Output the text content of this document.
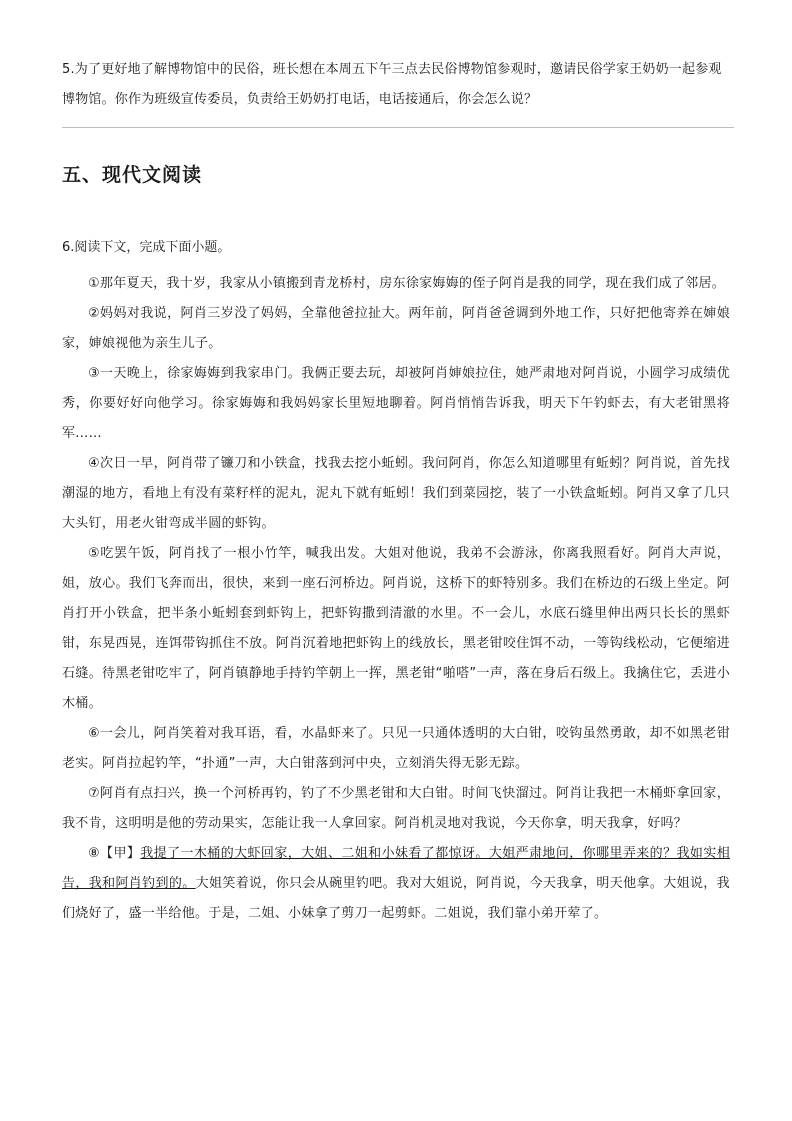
5.为了更好地了解博物馆中的民俗，班长想在本周五下午三点去民俗博物馆参观时，邀请民俗学家王奶奶一起参观博物馆。你作为班级宣传委员，负责给王奶奶打电话，电话接通后，你会怎么说？

五、现代文阅读

6.阅读下文，完成下面小题。

①那年夏天，我十岁，我家从小镇搬到青龙桥村，房东徐家娒娒的侄子阿肖是我的同学，现在我们成了邻居。

②妈妈对我说，阿肖三岁没了妈妈，全靠他爸拉扯大。两年前，阿肖爸爸调到外地工作，只好把他寄养在婶娘家，婶娘视他为亲生儿子。

③一天晚上，徐家娒娒到我家串门。我俩正要去玩，却被阿肖婶娘拉住，她严肃地对阿肖说，小圆学习成绩优秀，你要好好向他学习。徐家娒娒和我妈妈家长里短地聊着。阿肖悄悄告诉我，明天下午钓虾去，有大老钳黑将军……

④次日一早，阿肖带了镰刀和小铁盒，找我去挖小蚯蚓。我问阿肖，你怎么知道哪里有蚯蚓？阿肖说，首先找潮湿的地方，看地上有没有菜籽样的泥丸，泥丸下就有蚯蚓！我们到菜园挖，装了一小铁盒蚯蚓。阿肖又拿了几只大头钉，用老火钳弯成半圆的虾钩。

⑤吃罢午饭，阿肖找了一根小竹竿，喊我出发。大姐对他说，我弟不会游泳，你离我照看好。阿肖大声说，姐，放心。我们飞奔而出，很快，来到一座石河桥边。阿肖说，这桥下的虾特别多。我们在桥边的石级上坐定。阿肖打开小铁盒，把半条小蚯蚓套到虾钩上，把虾钩撒到清澈的水里。不一会儿，水底石缝里伸出两只长长的黑虾钳，东晃西晃，连饵带钩抓住不放。阿肖沉着地把虾钩上的线放长，黑老钳咬住饵不动，一等钩线松动，它便缩进石缝。待黑老钳吃牢了，阿肖镇静地手持钓竿朝上一挥，黑老钳“啪嗒”一声，落在身后石级上。我擒住它，丢进小木桶。

⑥一会儿，阿肖笑着对我耳语，看，水晶虾来了。只见一只通体透明的大白钳，咬钩虽然勇敢，却不如黑老钳老实。阿肖拉起钓竿，“扑通”一声，大白钳落到河中央，立刻消失得无影无踪。

⑦阿肖有点扫兴，换一个河桥再钓，钓了不少黑老钳和大白钳。时间飞快溜过。阿肖让我把一木桶虾拿回家，我不肯，这明明是他的劳动果实，怎能让我一人拿回家。阿肖机灵地对我说，今天你拿，明天我拿，好吗？

⑧【甲】我提了一木桶的大虾回家，大姐、二姐和小妹看了都惊讶。大姐严肃地问，你哪里弄来的？我如实相告，我和阿肖钓到的。大姐笑着说，你只会从碗里钓吧。我对大姐说，阿肖说，今天我拿，明天他拿。大姐说，我们烧好了，盛一半给他。于是，二姐、小妹拿了剪刀一起剪虾。二姐说，我们靠小弟开荤了。
